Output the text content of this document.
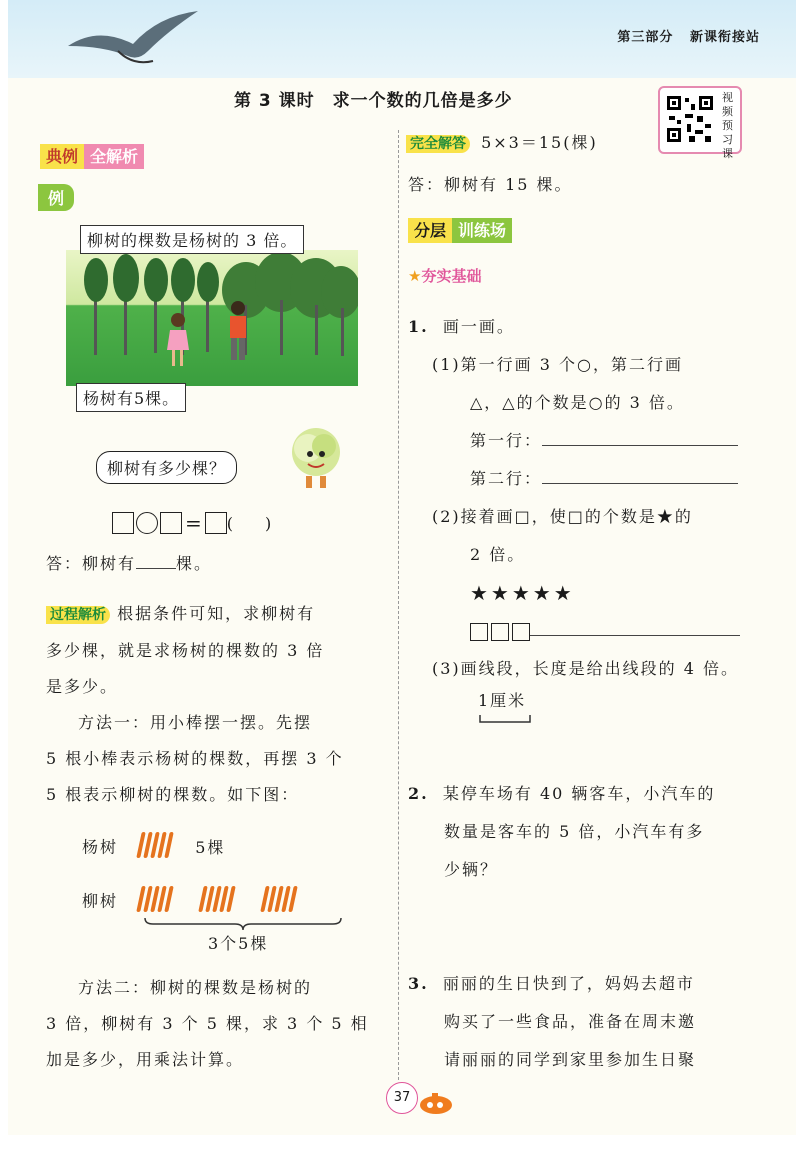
第三部分 新课衔接站
第 3 课时　求一个数的几倍是多少	视频预习课
典例 全解析
例
柳树的棵数是杨树的 3 倍。
杨树有5棵。
柳树有多少棵？
= (　　)
答：柳树有	棵。
过程解析 根据条件可知，求柳树有
多少棵，就是求杨树的棵数的 3 倍
是多少。
方法一：用小棒摆一摆。先摆
5 根小棒表示杨树的棵数，再摆 3 个
5 根表示柳树的棵数。如下图：
杨树	5棵
柳树
3个5棵
方法二：柳树的棵数是杨树的
3 倍，柳树有 3 个 5 棵，求 3 个 5 相
加是多少，用乘法计算。
完全解答 5×3＝15(棵)
答：柳树有 15 棵。
分层 训练场
★夯实基础
1. 画一画。
(1)第一行画 3 个○，第二行画
△，△的个数是○的 3 倍。
第一行：
第二行：
(2)接着画□，使□的个数是★的
2 倍。
★★★★★
(3)画线段，长度是给出线段的 4 倍。
1厘米
2. 某停车场有 40 辆客车，小汽车的
数量是客车的 5 倍，小汽车有多
少辆？
3. 丽丽的生日快到了，妈妈去超市
购买了一些食品，准备在周末邀
请丽丽的同学到家里参加生日聚
37
